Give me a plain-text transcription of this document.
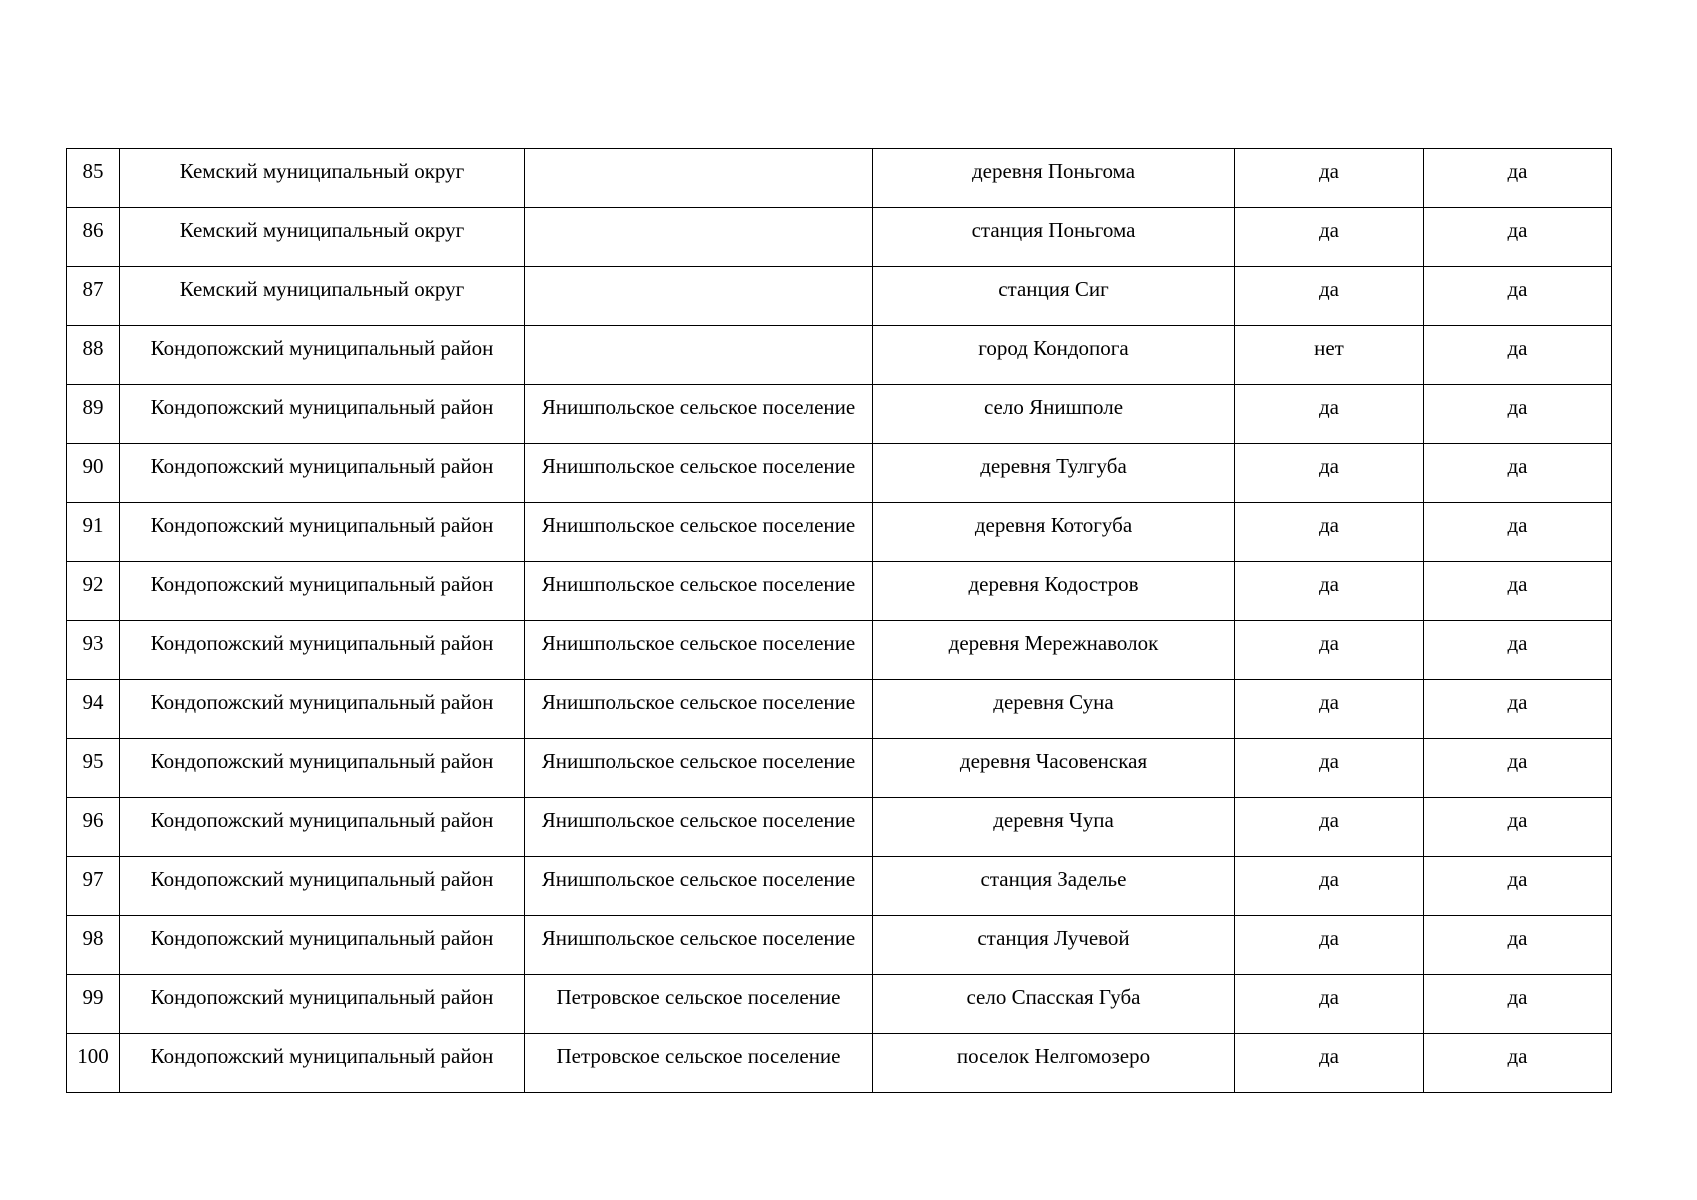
85	Кемский муниципальный округ		деревня Поньгома	да	да

86	Кемский муниципальный округ		станция Поньгома	да	да

87	Кемский муниципальный округ		станция Сиг	да	да

88	Кондопожский муниципальный район		город Кондопога	нет	да

89	Кондопожский муниципальный район	Янишпольское сельское поселение	село Янишполе	да	да

90	Кондопожский муниципальный район	Янишпольское сельское поселение	деревня Тулгуба	да	да

91	Кондопожский муниципальный район	Янишпольское сельское поселение	деревня Котогуба	да	да

92	Кондопожский муниципальный район	Янишпольское сельское поселение	деревня Кодостров	да	да

93	Кондопожский муниципальный район	Янишпольское сельское поселение	деревня Мережнаволок	да	да

94	Кондопожский муниципальный район	Янишпольское сельское поселение	деревня Суна	да	да

95	Кондопожский муниципальный район	Янишпольское сельское поселение	деревня Часовенская	да	да

96	Кондопожский муниципальный район	Янишпольское сельское поселение	деревня Чупа	да	да

97	Кондопожский муниципальный район	Янишпольское сельское поселение	станция Заделье	да	да

98	Кондопожский муниципальный район	Янишпольское сельское поселение	станция Лучевой	да	да

99	Кондопожский муниципальный район	Петровское сельское поселение	село Спасская Губа	да	да

100	Кондопожский муниципальный район	Петровское сельское поселение	поселок Нелгомозеро	да	да
